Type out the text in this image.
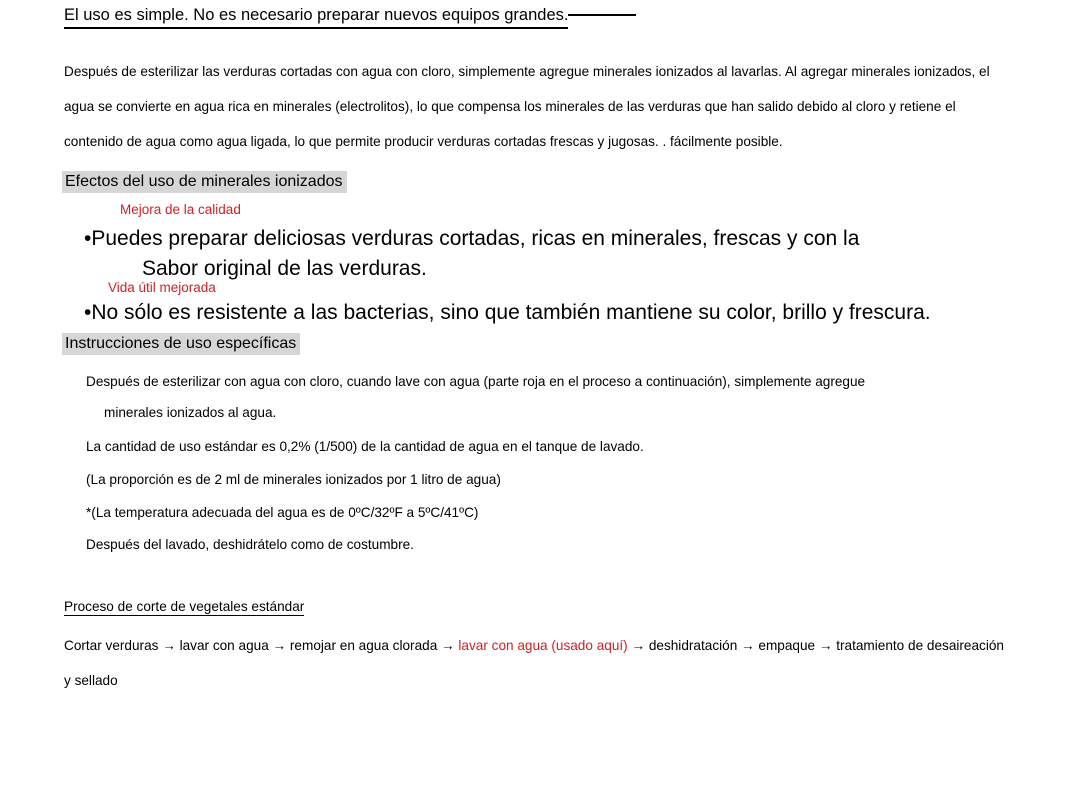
El uso es simple. No es necesario preparar nuevos equipos grandes.

Después de esterilizar las verduras cortadas con agua con cloro, simplemente agregue minerales ionizados al lavarlas. Al agregar minerales ionizados, el agua se convierte en agua rica en minerales (electrolitos), lo que compensa los minerales de las verduras que han salido debido al cloro y retiene el contenido de agua como agua ligada, lo que permite producir verduras cortadas frescas y jugosas. . fácilmente posible.

Efectos del uso de minerales ionizados
Mejora de la calidad
•Puedes preparar deliciosas verduras cortadas, ricas en minerales, frescas y con la
Sabor original de las verduras.
Vida útil mejorada
•No sólo es resistente a las bacterias, sino que también mantiene su color, brillo y frescura.
Instrucciones de uso específicas
Después de esterilizar con agua con cloro, cuando lave con agua (parte roja en el proceso a continuación), simplemente agregue
minerales ionizados al agua.
La cantidad de uso estándar es 0,2% (1/500) de la cantidad de agua en el tanque de lavado.
(La proporción es de 2 ml de minerales ionizados por 1 litro de agua)
*(La temperatura adecuada del agua es de 0ºC/32ºF a 5ºC/41ºC)
Después del lavado, deshidrátelo como de costumbre.
Proceso de corte de vegetales estándar
Cortar verduras → lavar con agua → remojar en agua clorada → lavar con agua (usado aquí) → deshidratación → empaque → tratamiento de desaireación y sellado
